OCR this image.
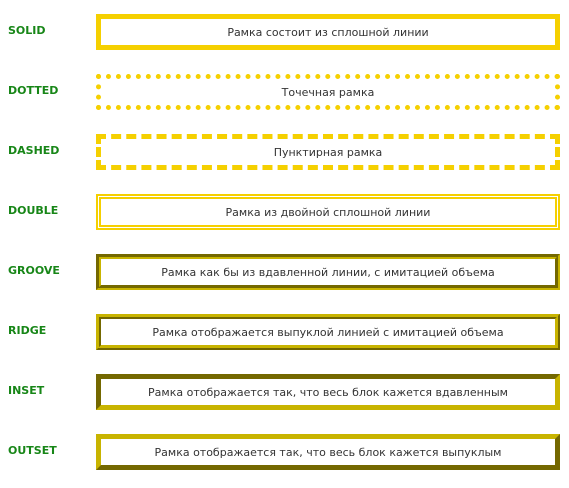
SOLID	Рамка состоит из сплошной линии
DOTTED	Точечная рамка
DASHED	Пунктирная рамка
DOUBLE	Рамка из двойной сплошной линии
GROOVE	Рамка как бы из вдавленной линии, с имитацией объема
RIDGE	Рамка отображается выпуклой линией с имитацией объема
INSET	Рамка отображается так, что весь блок кажется вдавленным
OUTSET	Рамка отображается так, что весь блок кажется выпуклым
